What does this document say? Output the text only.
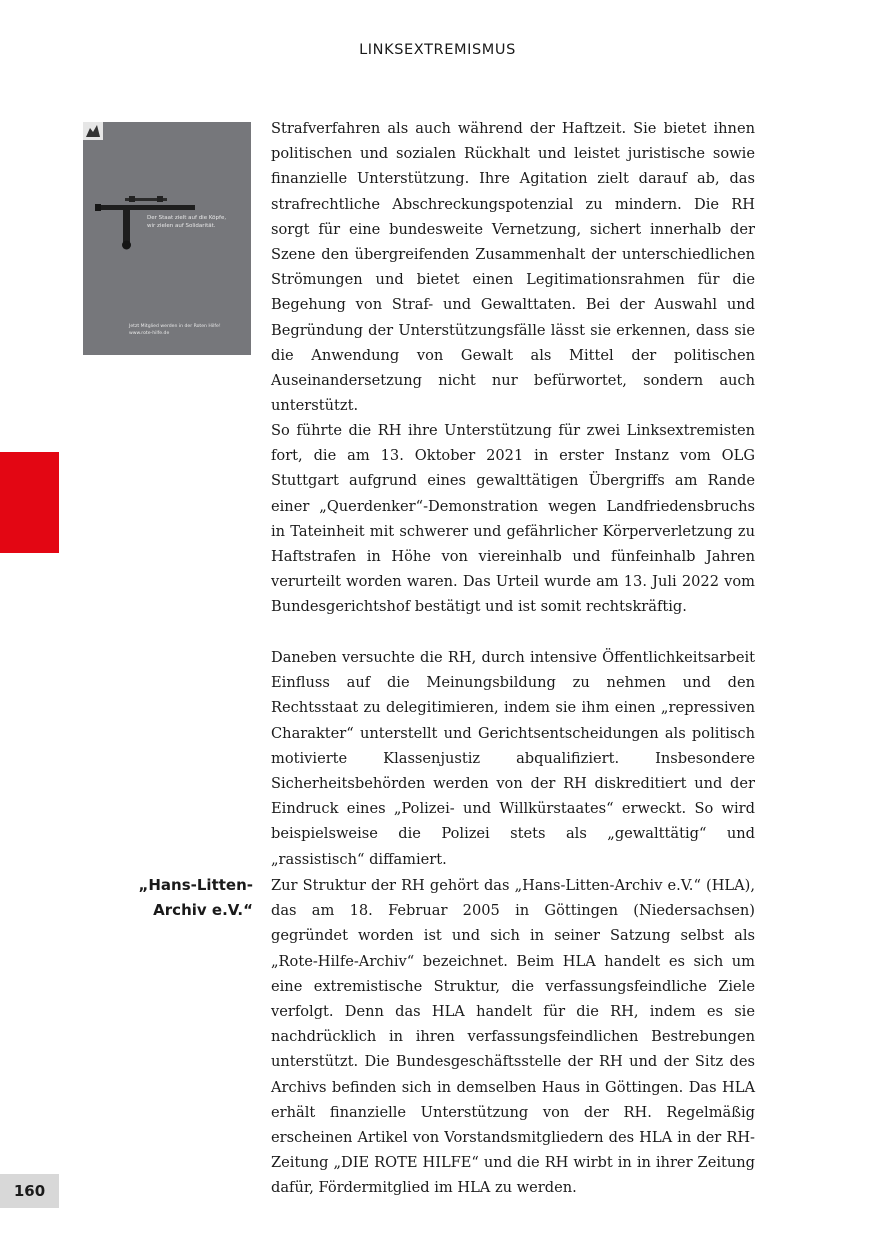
LINKSEXTREMISMUS
Der Staat zielt auf die Köpfe,
wir zielen auf Solidarität.
Jetzt Mitglied werden in der Roten Hilfe!
www.rote-hilfe.de

Strafverfahren als auch während der Haftzeit. Sie bietet ihnen politischen und sozialen Rückhalt und leistet juristische sowie finanzielle Unterstützung. Ihre Agitation zielt darauf ab, das strafrechtliche Abschreckungspotenzial zu mindern. Die RH sorgt für eine bundesweite Vernetzung, sichert innerhalb der Szene den übergreifenden Zusammenhalt der unterschiedlichen Strömungen und bietet einen Legitimationsrahmen für die Begehung von Straf- und Gewalttaten. Bei der Auswahl und Begründung der Unterstützungsfälle lässt sie erkennen, dass sie die Anwendung von Gewalt als Mittel der politischen Auseinandersetzung nicht nur befürwortet, sondern auch unterstützt.

So führte die RH ihre Unterstützung für zwei Linksextremisten fort, die am 13. Oktober 2021 in erster Instanz vom OLG Stuttgart aufgrund eines gewalttätigen Übergriffs am Rande einer „Querdenker“-Demonstration wegen Landfriedensbruchs in Tateinheit mit schwerer und gefährlicher Körperverletzung zu Haftstrafen in Höhe von viereinhalb und fünfeinhalb Jahren verurteilt worden waren. Das Urteil wurde am 13. Juli 2022 vom Bundesgerichtshof bestätigt und ist somit rechtskräftig.

Daneben versuchte die RH, durch intensive Öffentlichkeitsarbeit Einfluss auf die Meinungsbildung zu nehmen und den Rechtsstaat zu delegitimieren, indem sie ihm einen „repressiven Charakter“ unterstellt und Gerichtsentscheidungen als politisch motivierte Klassenjustiz abqualifiziert. Insbesondere Sicherheitsbehörden werden von der RH diskreditiert und der Eindruck eines „Polizei- und Willkürstaates“ erweckt. So wird beispielsweise die Polizei stets als „gewalttätig“ und „rassistisch“ diffamiert.

„Hans-Litten-
Archiv e.V.“

Zur Struktur der RH gehört das „Hans-Litten-Archiv e.V.“ (HLA), das am 18. Februar 2005 in Göttingen (Niedersachsen) gegründet worden ist und sich in seiner Satzung selbst als „Rote-Hilfe-Archiv“ bezeichnet. Beim HLA handelt es sich um eine extremistische Struktur, die verfassungsfeindliche Ziele verfolgt. Denn das HLA handelt für die RH, indem es sie nachdrücklich in ihren verfassungsfeindlichen Bestrebungen unterstützt. Die Bundesgeschäftsstelle der RH und der Sitz des Archivs befinden sich in demselben Haus in Göttingen. Das HLA erhält finanzielle Unterstützung von der RH. Regelmäßig erscheinen Artikel von Vorstandsmitgliedern des HLA in der RH-Zeitung „DIE ROTE HILFE“ und die RH wirbt in in ihrer Zeitung dafür, Fördermitglied im HLA zu werden.

160
